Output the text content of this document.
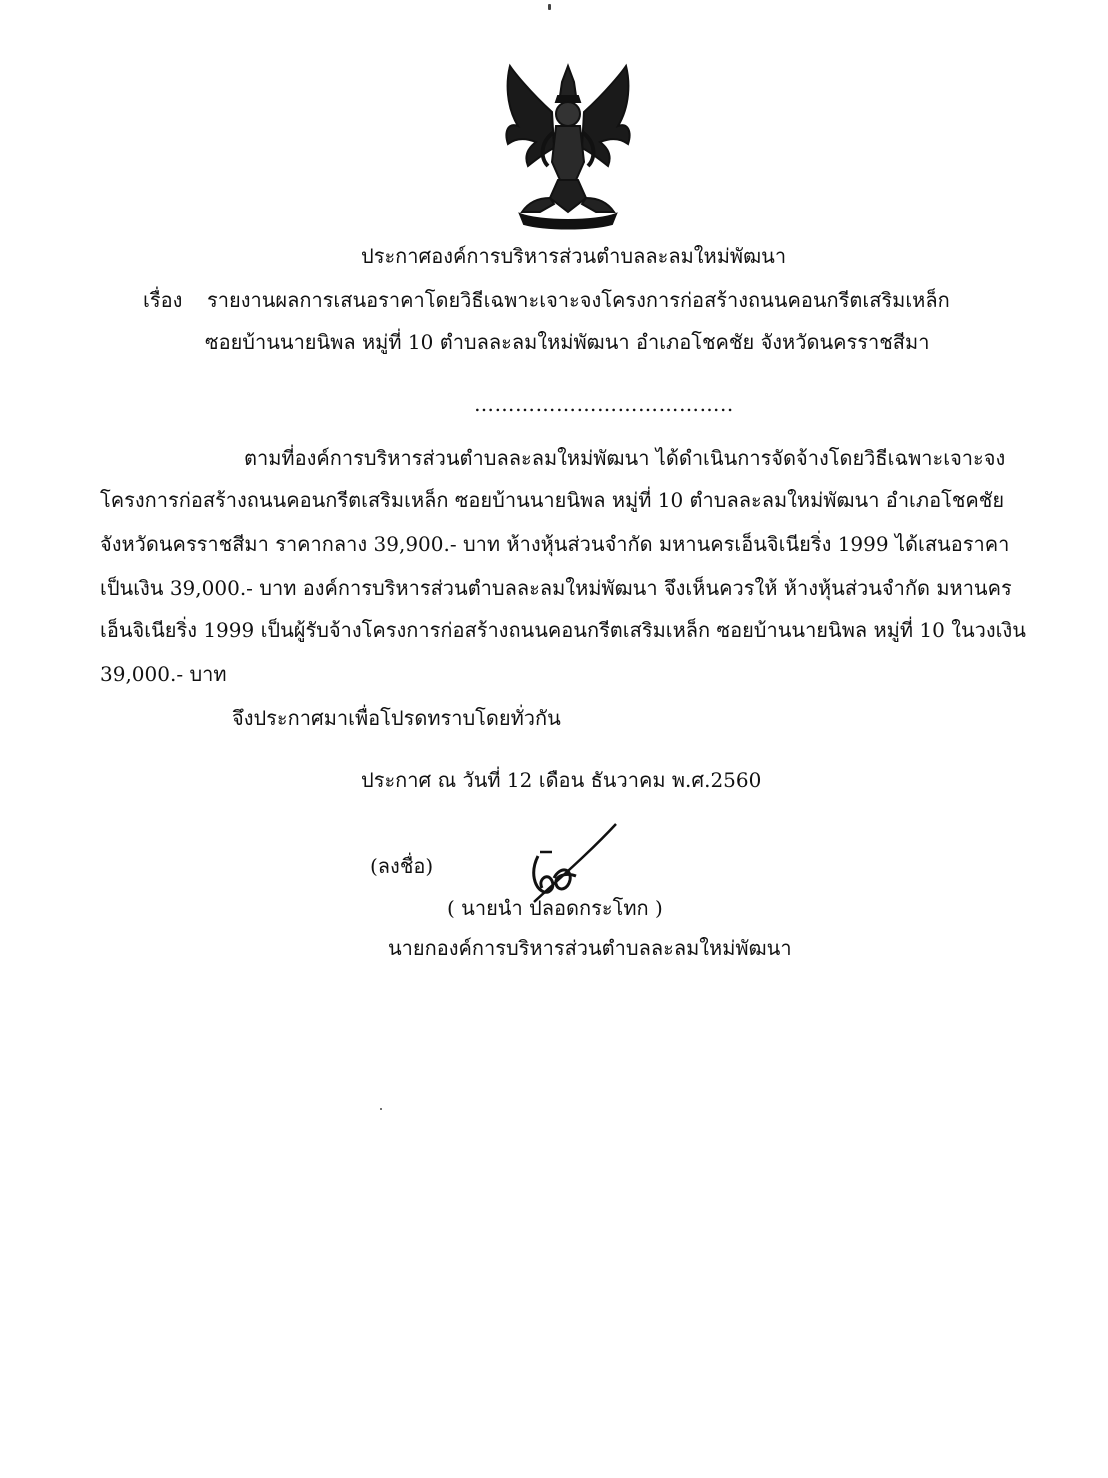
ประกาศองค์การบริหารส่วนตำบลละลมใหม่พัฒนา
เรื่อง รายงานผลการเสนอราคาโดยวิธีเฉพาะเจาะจงโครงการก่อสร้างถนนคอนกรีตเสริมเหล็ก
ซอยบ้านนายนิพล หมู่ที่ 10 ตำบลละลมใหม่พัฒนา อำเภอโชคชัย จังหวัดนครราชสีมา
………………………………..
ตามที่องค์การบริหารส่วนตำบลละลมใหม่พัฒนา ได้ดำเนินการจัดจ้างโดยวิธีเฉพาะเจาะจง
โครงการก่อสร้างถนนคอนกรีตเสริมเหล็ก ซอยบ้านนายนิพล หมู่ที่ 10 ตำบลละลมใหม่พัฒนา อำเภอโชคชัย
จังหวัดนครราชสีมา ราคากลาง 39,900.- บาท ห้างหุ้นส่วนจำกัด มหานครเอ็นจิเนียริ่ง 1999 ได้เสนอราคา
เป็นเงิน 39,000.- บาท องค์การบริหารส่วนตำบลละลมใหม่พัฒนา จึงเห็นควรให้ ห้างหุ้นส่วนจำกัด มหานคร
เอ็นจิเนียริ่ง 1999 เป็นผู้รับจ้างโครงการก่อสร้างถนนคอนกรีตเสริมเหล็ก ซอยบ้านนายนิพล หมู่ที่ 10 ในวงเงิน
39,000.- บาท
จึงประกาศมาเพื่อโปรดทราบโดยทั่วกัน
ประกาศ ณ วันที่ 12 เดือน ธันวาคม พ.ศ.2560
(ลงชื่อ)
( นายนำ ปลอดกระโทก )
นายกองค์การบริหารส่วนตำบลละลมใหม่พัฒนา
